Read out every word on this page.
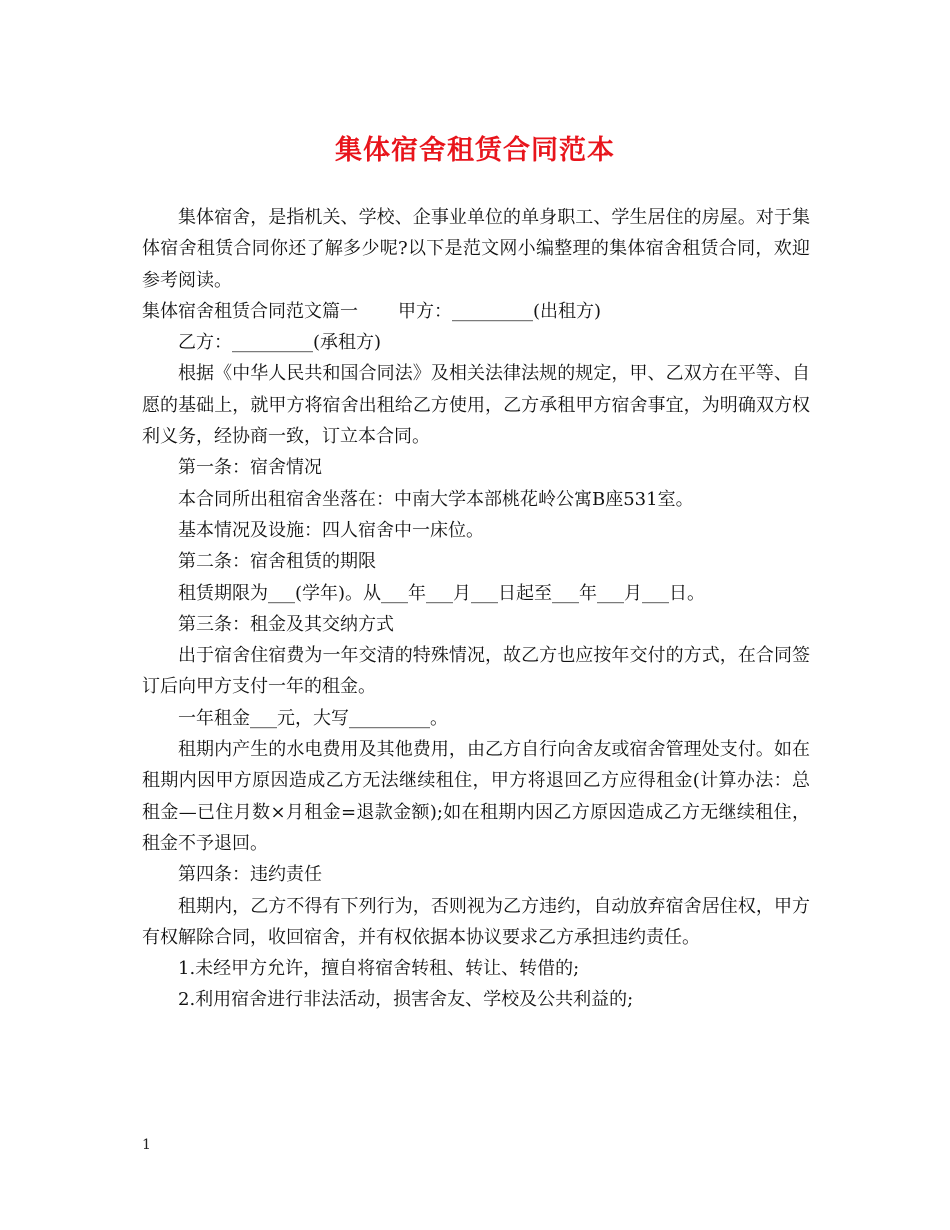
集体宿舍租赁合同范本

集体宿舍，是指机关、学校、企事业单位的单身职工、学生居住的房屋。对于集体宿舍租赁合同你还了解多少呢?以下是范文网小编整理的集体宿舍租赁合同，欢迎参考阅读。

集体宿舍租赁合同范文篇一 甲方：_________(出租方)

乙方：_________(承租方)

根据《中华人民共和国合同法》及相关法律法规的规定，甲、乙双方在平等、自愿的基础上，就甲方将宿舍出租给乙方使用，乙方承租甲方宿舍事宜，为明确双方权利义务，经协商一致，订立本合同。

第一条：宿舍情况

本合同所出租宿舍坐落在：中南大学本部桃花岭公寓B座531室。

基本情况及设施：四人宿舍中一床位。

第二条：宿舍租赁的期限

租赁期限为___(学年)。从___年___月___日起至___年___月___日。

第三条：租金及其交纳方式

出于宿舍住宿费为一年交清的特殊情况，故乙方也应按年交付的方式，在合同签订后向甲方支付一年的租金。

一年租金___元，大写_________。

租期内产生的水电费用及其他费用，由乙方自行向舍友或宿舍管理处支付。如在租期内因甲方原因造成乙方无法继续租住，甲方将退回乙方应得租金(计算办法：总租金—已住月数×月租金=退款金额);如在租期内因乙方原因造成乙方无继续租住，租金不予退回。

第四条：违约责任

租期内，乙方不得有下列行为，否则视为乙方违约，自动放弃宿舍居住权，甲方有权解除合同，收回宿舍，并有权依据本协议要求乙方承担违约责任。

1.未经甲方允许，擅自将宿舍转租、转让、转借的;

2.利用宿舍进行非法活动，损害舍友、学校及公共利益的;

1
